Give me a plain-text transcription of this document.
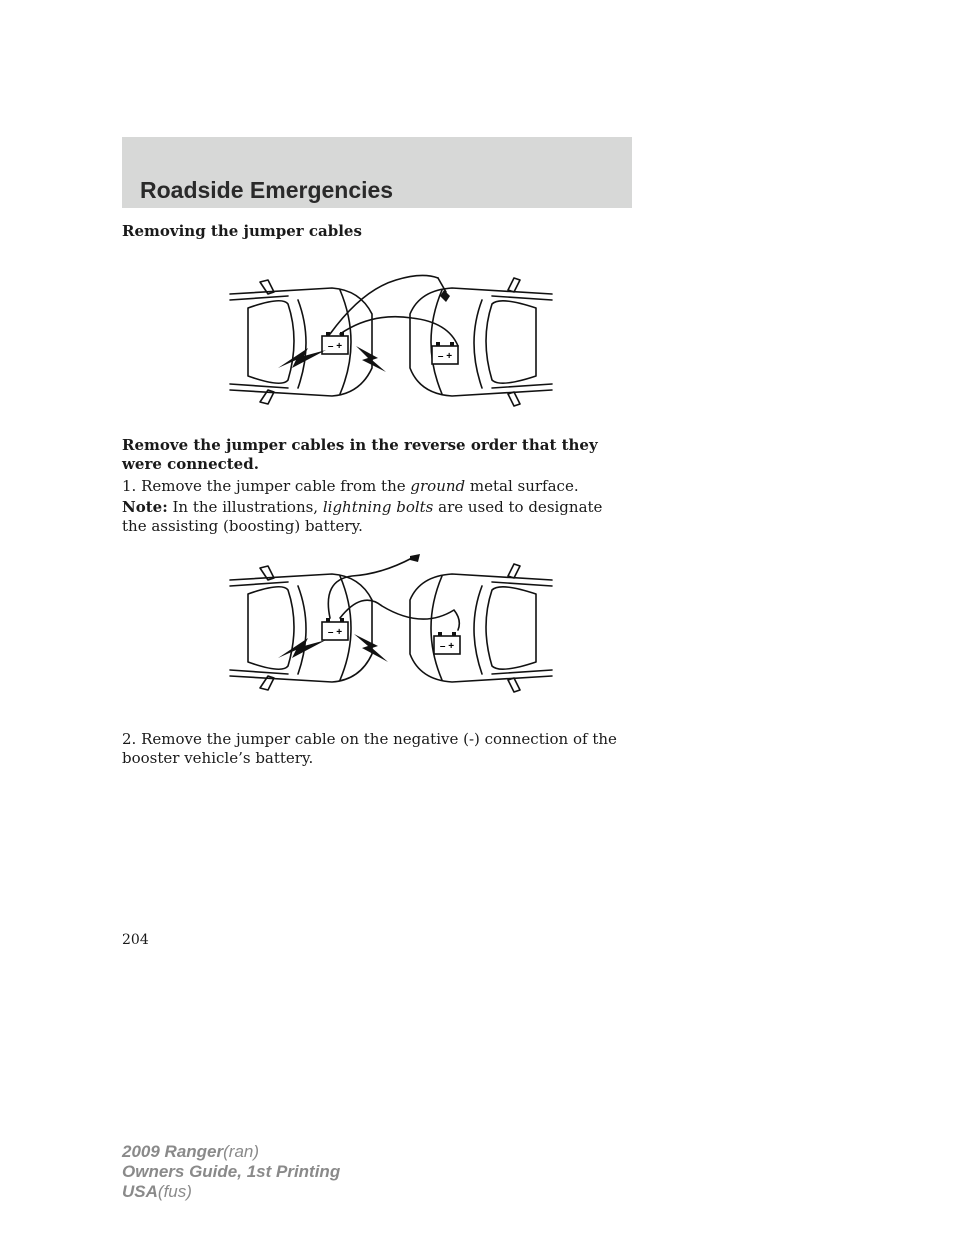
Roadside Emergencies
Removing the jumper cables
– +
– +

Remove the jumper cables in the reverse order that they were connected.

1. Remove the jumper cable from the ground metal surface.

Note: In the illustrations, lightning bolts are used to designate the assisting (boosting) battery.

– +
– +

2. Remove the jumper cable on the negative (-) connection of the booster vehicle’s battery.

204
2009 Ranger(ran)
Owners Guide, 1st Printing
USA(fus)
